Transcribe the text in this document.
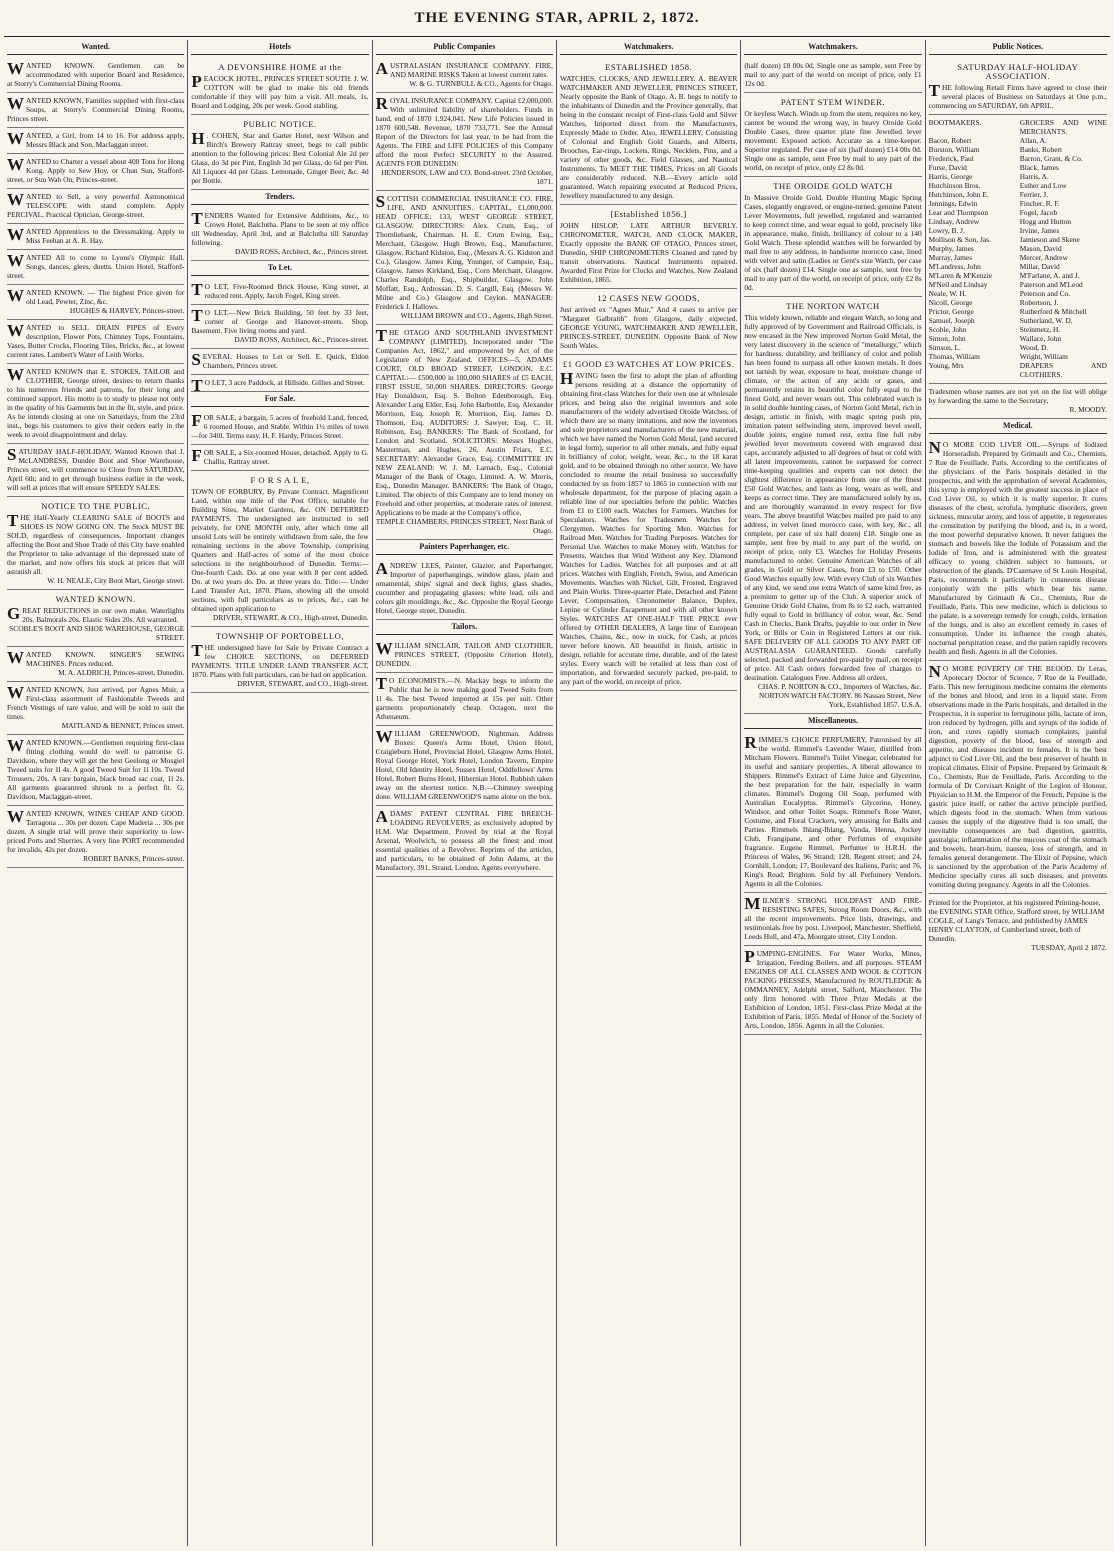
THE EVENING STAR, APRIL 2, 1872.
Wanted.

WANTED KNOWN. Gentlemen can be accommodated with superior Board and Residence, at Storry's Commercial Dining Rooms.

WANTED KNOWN, Families supplied with first-class Soups, at Storry's Commercial Dining Rooms, Princes street.

WANTED, a Girl, from 14 to 16. For address apply, Messrs Black and Son, Maclaggan street.

WANTED to Charter a vessel about 400 Tons for Hong Kong. Apply to Sew Hoy, or Chun Sun, Stafford-street, or Sun Wah On, Princes-street.

WANTED to Sell, a very powerful Astronomical TELESCOPE with stand complete. Apply PERCIVAL, Practical Optician, George-street.

WANTED Apprentices to the Dressmaking. Apply to Miss Feehan at A. R. Hay.

WANTED All to come to Lyons's Olympic Hall. Songs, dances, glees, duetts. Union Hotel, Stafford-street.

WANTED KNOWN. — The highest Price given for old Lead, Pewter, Zinc, &c.

HUGHES & HARVEY, Princes-street.

WANTED to SELL DRAIN PIPES of Every description, Flower Pots, Chimney Tops, Fountains, Vases, Butter Crocks, Flooring Tiles, Bricks, &c., at lowest current rates. Lambert's Water of Leith Works.

WANTED KNOWN that E. STOKES, TAILOR and CLOTHIER, George street, desires to return thanks to his numerous friends and patrons, for their long and continued support. His motto is to study to please not only in the quality of his Garments but in the fit, style, and price. As he intends closing at one on Saturdays, from the 23rd inst., begs his customers to give their orders early in the week to avoid disappointment and delay.

SATURDAY HALF-HOLIDAY, Wanted Known that J. McLANDRESS, Dundee Boot and Shoe Warehouse, Princes street, will commence to Close from SATURDAY, April 6th; and to get through business earlier in the week, will sell at prices that will ensure SPEEDY SALES.

NOTICE TO THE PUBLIC.

THE Half-Yearly CLEARING SALE of BOOTS and SHOES IS NOW GOING ON. The Stock MUST BE SOLD, regardless of consequences. Important changes affecting the Boot and Shoe Trade of this City have enabled the Proprietor to take advantage of the depressed state of the market, and now offers his stock at prices that will astonish all.

W. H. NEALE, City Boot Mart, George street.
WANTED KNOWN.

GREAT REDUCTIONS in our own make. Waterlights 20s. Balmorals 20s. Elastic Sides 20s. All warranted.

SCOBLE'S BOOT AND SHOE WAREHOUSE, GEORGE STREET.

WANTED KNOWN. SINGER'S SEWING MACHINES. Prices reduced.

M. A. ALDRICH, Princes-street, Dunedin.

WANTED KNOWN, Just arrived, per Agnes Muir, a First-class assortment of Fashionable Tweeds and French Vestings of rare value, and will be sold to suit the times.

MAITLAND & BENNET, Princes street.

WANTED KNOWN.—Gentlemen requiring first-class fitting clothing would do well to patronise G. Davidson, where they will get the best Geelong or Mosgiel Tweed suits for 1l 4s. A good Tweed Suit for 1l 10s. Tweed Trousers, 20s. A rare bargain, black broad sac coat, 1l 2s. All garments guaranteed shrunk to a perfect fit. G. Davidson, Maclaggan-street.

WANTED KNOWN, WINES CHEAP AND GOOD. Tarragona ... 30s per dozen. Cape Maderia ... 30s per dozen. A single trial will prove their superiority to low-priced Ports and Sherries. A very fine PORT recommended for invalids, 42s per dozen.

ROBERT BANKS, Princes-street.
Hotels
A DEVONSHIRE HOME at the

PEACOCK HOTEL, PRINCES STREET SOUTH. J. W. COTTON will be glad to make his old friends comfortable if they will pay him a visit. All meals, 1s. Board and Lodging, 20s per week. Good stabling.

PUBLIC NOTICE.

H . COHEN, Star and Garter Hotel, next Wilson and Birch's Brewery Rattray street, begs to call public attention to the following prices: Best Colonial Ale 2d per Glass, do 3d per Pint, English 3d per Glass, do 6d per Pint. All Liquors 4d per Glass. Lemonade, Ginger Beer, &c. 4d per Bottle.

Tenders.

TENDERS Wanted for Extensive Additions, &c., to Crown Hotel, Balclutha. Plans to be seen at my office till Wednesday, April 3rd, and at Balclutha till Saturday following.

DAVID ROSS, Architect, &c., Princes street.
To Let.

T O LET, Five-Roomed Brick House, King street, at reduced rent. Apply, Jacob Fogel, King street.

T O LET.—New Brick Building, 50 feet by 33 feet, corner of George and Hanover-streets. Shop. Basement. Five living rooms and yard.

DAVID ROSS, Architect, &c., Princes-street.

SEVERAL Houses to Let or Sell. E. Quick, Eldon Chambers, Princes street.

T O LET, 3 acre Paddock, at Hillside. Gillies and Street.

For Sale.

FOR SALE, a bargain, 5 acres of freehold Land, fenced, 6 roomed House, and Stable. Within 1½ miles of town—for 340l. Terms easy. H. F. Hardy, Princes Street.

FOR SALE, a Six-roomed House, detached. Apply to G. Challis, Rattray street.

F O R S A L E,

TOWN OF FORBURY, By Private Contract. Magnificent Land, within one mile of the Post Office, suitable for Building Sites, Market Gardens, &c. ON DEFERRED PAYMENTS. The undersigned are instructed to sell privately, for ONE MONTH only, after which time all unsold Lots will be entirely withdrawn from sale, the few remaining sections in the above Township, comprising Quarters and Half-acres of some of the most choice selections in the neighbourhood of Dunedin. Terms:— One-fourth Cash. Do. at one year with 8 per cent added. Do. at two years do. Do. at three years do. Title:— Under Land Transfer Act, 1870. Plans, showing all the unsold sections, with full particulars as to prices, &c., can be obtained upon application to

DRIVER, STEWART, & CO., High-street, Dunedin.
TOWNSHIP OF PORTOBELLO,

THE undersigned have for Sale by Private Contract a few CHOICE SECTIONS, on DEFERRED PAYMENTS. TITLE UNDER LAND TRANSFER ACT, 1870. Plans with full particulars, can be had on application.

DRIVER, STEWART, and CO., High-street.
Public Companies

AUSTRALASIAN INSURANCE COMPANY. FIRE, AND MARINE RISKS Taken at lowest current rates.

W. & G. TURNBULL & CO., Agents for Otago.

ROYAL INSURANCE COMPANY. Capital £2,000,000. With unlimited liability of shareholders. Funds in hand, end of 1870 1,924,041. New Life Policies issued in 1870 600,548. Revenue, 1870 733,771. See the Annual Report of the Directors for last year, to be had from the Agents. The FIRE and LIFE POLICIES of this Company afford the most Perfect SECURITY to the Assured. AGENTS FOR DUNEDIN:

HENDERSON, LAW and CO. Bond-street. 23rd October, 1871.

SCOTTISH COMMERCIAL INSURANCE CO. FIRE, LIFE, AND ANNUITIES. CAPITAL, £1,000,000. HEAD OFFICE: 133, WEST GEORGE STREET, GLASGOW. DIRECTORS: Alex. Crum, Esq., of Thornliebank, Chairman. H. E. Crum Ewing, Esq., Merchant, Glasgow. Hugh Brown, Esq., Manufacturer, Glasgow. Richard Kidston, Esq., (Messrs A. G. Kidston and Co.), Glasgow. James King, Younger, of Campsie, Esq., Glasgow. James Kirkland, Esq., Corn Merchant, Glasgow. Charles Randolph, Esq., Shipbuilder, Glasgow. John Moffatt, Esq., Ardrossan. D. S. Cargill, Esq. (Messrs W. Milne and Co.) Glasgow and Ceylon. MANAGER: Frederick J. Hallows.

WILLIAM BROWN and CO., Agents, High Street.

THE OTAGO AND SOUTHLAND INVESTMENT COMPANY (LIMITED). Incorporated under "The Companies Act, 1862," and empowered by Act of the Legislature of New Zealand. OFFICES—5, ADAMS COURT, OLD BROAD STREET, LONDON, E.C. CAPITAL:— £500,000 in 100,000 SHARES of £5 EACH, FIRST ISSUE, 50,000 SHARES. DIRECTORS: George Hay Donaldson, Esq. S. Bolton Edenborough, Esq. Alexander Lang Elder, Esq. John Harbottle, Esq. Alexander Morrison, Esq. Joseph R. Morrison, Esq. James D. Thomson, Esq. AUDITORS: J. Sawyer, Esq. C. H. Robinson, Esq. BANKERS: The Bank of Scotland, for London and Scotland. SOLICITORS: Messrs Hughes, Masterman, and Hughes, 26, Austin Friars, E.C. SECRETARY: Alexander Grace, Esq. COMMITTEE IN NEW ZEALAND: W. J. M. Larnach, Esq., Colonial Manager of the Bank of Otago, Limited. A. W. Morris, Esq., Dunedin Manager. BANKERS: The Bank of Otago, Limited. The objects of this Company are to lend money on Freehold and other properties, at moderate rates of interest. Applications to be made at the Company's office,

TEMPLE CHAMBERS, PRINCES STREET, Next Bank of Otago.
Painters Paperhanger, etc.

ANDREW LEES, Painter, Glazier, and Paperhanger, Importer of paperhangings, window glass, plain and ornamental, ships' signal and deck lights, glass shades, cucumber and propagating glasses; white lead, oils and colors gilt mouldings, &c., &c. Opposite the Royal George Hotel, George street, Dunedin.

Tailors.

WILLIAM SINCLAIR, TAILOR AND CLOTHIER, PRINCES STREET, (Opposite Criterion Hotel), DUNEDIN.

T O ECONOMISTS.—N. Mackay begs to inform the Public that he is now making good Tweed Suits from 1l 4s. The best Tweed imported at 15s per suit. Other garments proportionately cheap. Octagon, next the Athenæum.

WILLIAM GREENWOOD, Nightman. Address Boxes: Queen's Arms Hotel, Union Hotel, Craigieburn Hotel, Provincial Hotel, Glasgow Arms Hotel, Royal George Hotel, York Hotel, London Tavern, Empire Hotel, Old Identity Hotel, Sussex Hotel, Oddfellows' Arms Hotel, Robert Burns Hotel, Hibernian Hotel. Rubbish taken away on the shortest notice. N.B.—Chimney sweeping done. WILLIAM GREENWOOD'S name alone on the box.

ADAMS' PATENT CENTRAL FIRE BREECH-LOADING REVOLVERS, as exclusively adopted by H.M. War Department. Proved by trial at the Royal Arsenal, Woolwich, to possess all the finest and most essential qualities of a Revolver. Reprints of the articles, and particulars, to be obtained of John Adams, at the Manufactory, 391, Strand, London. Agents everywhere.

Watchmakers.
ESTABLISHED 1858.

WATCHES, CLOCKS, AND JEWELLERY. A. BEAVER WATCHMAKER AND JEWELLER, PRINCES STREET, Nearly opposite the Bank of Otago. A. B. begs to notify to the inhabitants of Dunedin and the Province generally, that being in the constant receipt of First-class Gold and Silver Watches, Imported direct from the Manufacturers, Expressly Made to Order. Also, JEWELLERY, Consisting of Colonial and English Gold Guards, and Alberts, Brooches, Ear-rings, Lockets, Rings, Necklets, Pins, and a variety of other goods, &c. Field Glasses, and Nautical Instruments. To MEET THE TIMES, Prices on all Goods are considerably reduced. N.B.—Every article sold guaranteed. Watch repairing executed at Reduced Prices, Jewellery manufactured to any design.

[Established 1856.]

JOHN HISLOP, LATE ARTHUR BEVERLY. CHRONOMETER, WATCH, AND CLOCK MAKER, Exactly opposite the BANK OF OTAGO, Princes street, Dunedin, SHIP CHRONOMETERS Cleaned and rated by transit observations. Nautical Instruments repaired. Awarded First Prize for Clocks and Watches, New Zealand Exhibition, 1865.

12 CASES NEW GOODS,

Just arrived ex "Agnes Muir," And 4 cases to arrive per "Margaret Galbraith" from Glasgow, daily expected. GEORGE YOUNG, WATCHMAKER AND JEWELLER, PRINCES-STREET, DUNEDIN. Opposite Bank of New South Wales.

£1 GOOD £3 WATCHES AT LOW PRICES.

HAVING been the first to adopt the plan of affording persons residing at a distance the opportunity of obtaining first-class Watches for their own use at wholesale prices, and being also the original inventors and sole manufacturers of the widely advertised Oroide Watches, of which there are so many imitations, and now the inventors and sole proprietors and manufacturers of the new material, which we have named the Norton Gold Metal, (and secured in legal form), superior to all other metals, and fully equal in brilliancy of color, weight, wear, &c., to the 18 karat gold, and to be obtained through no other source. We have concluded to resume the retail business so successfully conducted by us from 1857 to 1865 in connection with our wholesale department, for the purpose of placing again a reliable line of our specialties before the public. Watches from £1 to £100 each. Watches for Farmers. Watches for Speculators. Watches for Tradesmen. Watches for Clergymen. Watches for Sporting Men. Watches for Railroad Men. Watches for Trading Purposes. Watches for Personal Use. Watches to make Money with. Watches for Presents. Watches that Wind Without any Key. Diamond Watches for Ladies. Watches for all purposes and at all prices. Watches with English, French, Swiss, and American Movements. Watches with Nickel, Gilt, Frosted, Engraved and Plain Works. Three-quarter Plate, Detached and Patent Lever, Compensation, Chronometer Balance, Duplex, Lepine or Cylinder Escapement and with all other known Styles. WATCHES AT ONE-HALF THE PRICE ever offered by OTHER DEALERS, A large line of European Watches, Chains, &c., now in stock, for Cash, at prices never before known. All beautiful in finish, artistic in design, reliable for accurate time, durable, and of the latest styles. Every watch will be retailed at less than cost of importation, and forwarded securely packed, pre-paid, to any part of the world, on receipt of price.

Watchmakers.

(half dozen) £8 00s 0d. Single one as sample, sent Free by mail to any part of the world on receipt of price, only £1 12s 0d.

PATENT STEM WINDER.

Or keyless Watch. Winds up from the stem, requires no key, cannot be wound the wrong way, in heavy Oroide Gold Double Cases, three quarter plate fine Jewelled lever movement. Exposed action. Accurate as a time-keeper. Superior regulated. Per case of six (half dozen) £14 00s 0d. Single one as sample, sent Free by mail to any part of the world, on receipt of price, only £2 8s 0d.

THE OROIDE GOLD WATCH

In Massive Oroide Gold, Double Hunting Magic Spring Cases, elegantly engraved, or engine-turned, genuine Patent Lever Movements, full jewelled, regulated and warranted to keep correct time, and wear equal to gold, precisely like in appearance, make, finish, brilliancy of colour to a 140 Gold Watch. These splendid watches will be forwarded by mail free to any address, in handsome morocco case, lined with velvet and satin (Ladies or Gent's size Watch, per case of six (half dozen) £14. Single one as sample, sent free by mail to any part of the world, on receipt of price, only £2 8s 0d.

THE NORTON WATCH

This widely known, reliable and elegant Watch, so long and fully approved of by Government and Railroad Officials, is now encased in the New improved Norton Gold Metal, the very latest discovery in the science of "metallurgy," which for hardness, durability, and brilliancy of color and polish has been found to surpass all other known metals. It does not tarnish by wear, exposure to heat, moisture change of climate, or the action of any acids or gases, and permanently retains its beautiful color fully equal to the finest Gold, and never wears out. This celebrated watch is in solid double hunting cases, of Norton Gold Metal, rich in design, artistic in finish, with magic spring push pin, imitation patent selfwinding stem, improved bevel swell, double joints, engine turned rest, extra fine full ruby jewelled lever movements covered with engraved dust caps, accurately adjusted to all degrees of heat or cold with all latest improvements, cannot be surpassed for correct time-keeping qualities and experts can not detect the slightest difference in appearance from one of the finest £50 Gold Watches, and lasts as long, wears as well, and keeps as correct time. They are manufactured solely by us, and are thoroughly warranted in every respect for five years. The above beautiful Watches mailed pre paid to any address, in velvet lined morocco case, with key, &c., all complete, per case of six half dozen) £18. Single one as sample, sent free by mail to any part of the world, on receipt of price, only £3. Watches for Holiday Presents manufactured to order. Genuine American Watches of all grades, in Gold or Silver Cases, from £3 to £50. Other Good Watches equally low. With every Club of six Watches of any kind, we send one extra Watch of same kind free, as a premium to getter up of the Club. A superior stock of Genuine Oride Gold Chains, from 8s to £2 each, warranted fully equal to Gold in brilliancy of color, wear, &c. Send Cash in Checks, Bank Drafts, payable to our order in New York, or Bills or Coin in Registered Letters at our risk. SAFE DELIVERY OF ALL GOODS TO ANY PART OF AUSTRALASIA GUARANTEED. Goods carefully selected, packed and forwarded pre-paid by mail, on receipt of price. All Cash orders forwarded free of charges to destination. Catalogues Free. Address all orders,

CHAS. P. NORTON & CO., Importers of Watches, &c. NORTON WATCH FACTORY. 86 Nassau Street, New York, Established 1857. U.S.A.
Miscellaneous.

RIMMEL'S CHOICE PERFUMERY, Patronised by all the world. Rimmel's Lavender Water, distilled from Mitcham Flowers. Rimmel's Toilet Vinegar, celebrated for its useful and sanitary properties. A liberal allowance to Shippers. Rimmel's Extract of Lime Juice and Glycerine, the best preparation for the hair, especially in warm climates. Rimmel's Dugong Oil Soap, perfumed with Australian Eucalyptus. Rimmel's Glycerine, Honey, Windsor, and other Toilet Soaps. Rimmel's Rose Water, Costume, and Floral Crackers, very amusing for Balls and Parties. Rimmels Ihlang-Ihlang, Vanda, Henna, Jockey Club, Frangipane, and other Perfumes of exquisite fragrance. Eugene Rimmel, Perfumer to H.R.H. the Princess of Wales, 96 Strand; 128, Regent street; and 24, Cornhill, London; 17, Boulevard des Italiens, Paris; and 76, King's Road, Brighton. Sold by all Perfumery Vendors. Agents in all the Colonies.

MILNER'S STRONG HOLDFAST AND FIRE-RESISTING SAFES, Strong Room Doors, &c., with all the recent improvements. Price lists, drawings, and testimonials free by post. Liverpool, Manchester, Sheffield, Leeds Hull, and 47a, Moorgate street, City London.

PUMPING-ENGINES. For Water Works, Mines, Irrigation, Feeding Boilers, and all purposes. STEAM ENGINES OF ALL CLASSES AND WOOL & COTTON PACKING PRESSES, Manufactured by ROUTLEDGE & OMMANNEY, Adelphi street, Salford, Manchester. The only firm honored with Three Prize Medals at the Exhibition of London, 1851. First-class Prize Medal at the Exhibition of Paris, 1855. Medal of Honor of the Society of Arts, London, 1856. Agents in all the Colonies.

Public Notices.
SATURDAY HALF-HOLIDAY ASSOCIATION.

THE following Retail Firms have agreed to close their several places of Business on Saturdays at One p.m., commencing on SATURDAY, 6th APRIL.

BOOTMAKERS.	GROCERS AND WINE MERCHANTS.
Bacon, Robert	Allan, A.
Burston, William	Banks, Robert
Frederick, Paul	Barron, Grant, & Co.
Furse, David	Black, James
Harris, George	Harris, A.
Hutchinson Bros.	Esther and Low
Hutchinson, John E.	Ferrier, J.
Jennings, Edwin	Fincher, R. F.
Lear and Thompson	Fogel, Jacob
Lindsay, Andrew	Hogg and Hutton
Lowry, B. J.	Irvine, James
Mollison & Son, Jas.	Jamieson and Skene
Murphy, James	Mason, David
Murray, James	Mercer, Andrew
M'Landress, John	Millar, David
M'Laren & M'Kenzie	M'Farlane, A. and J.
M'Neil and Lindsay	Paterson and M'Leod
Neale, W. H.	Peterson and Co.
Nicoll, George	Robertson, J.
Prictor, George	Rutherford & Mitchell
Samuel, Joseph	Sutherland, W. D.
Scoble, John	Steinmetz, H.
Simon, John	Wallace, John
Simson, L.	Wood, D.
Thomas, William	Wright, William
Young, Mrs	DRAPERS AND CLOTHIERS.
Tradesmen whose names are not yet on the list will oblige by forwarding the same to the Secretary,
R. MOODY.
Medical.

N O MORE COD LIVER OIL.—Syrups of Iodized Horseradish. Prepared by Grimault and Co., Chemists, 7 Rue de Feuillade, Paris. According to the certificates of the physicians of the Paris hospitals detailed in the prospectus, and with the approbation of several Academies, this syrup is employed with the greatest success in place of Cod Liver Oil, to which it is really superior. It cures diseases of the chest, scrofula, lymphatic disorders, green sickness, muscular atony, and loss of appetite, it regenerates the constitution by purifying the blood, and is, in a word, the most powerful depurative known. It never fatigues the stomach and bowels like the Iodide of Potassium and the Iodide of Iron, and is administered with the greatest efficacy to young children subject to humours, or obstruction of the glands. D'Cazenave of St Louis Hospital, Paris, recommends it particularly in cutaneous disease conjointly with the pills which bear his name. Manufactured by Grimault & Co., Chemists, Rue de Feuillade, Paris. This new medicine, which is delicious to the palate, is a sovereign remedy for cough, colds, irritation of the lungs, and is also an excellent remedy in cases of consumption. Under its influence the cough abates, nocturnal perspiration cease, and the patien rapidly recovers health and flesh. Agents in all the Colonies.

N O MORE POVERTY OF THE BLOOD. Dr Leras, Apotecary Doctor of Science, 7 Rue de la Feuillade, Paris. This new ferruginous medicine contains the elements of the bones and blood, and iron in a liquid state. From observations made in the Paris hospitals, and detailed in the Prospectus, it is superior to ferruginous pills, lactate of iron, iron reduced by hydrogen, pills and syrups of the iodide of iron, and cures rapidly stomach complaints, painful digestion, poverty of the blood, loss of strength and appetite, and diseases incident to females. It is the best adjunct to Cod Liver Oil, and the best preserver of health in tropical climates. Elixir of Pepsine. Prepared by Grimault & Co., Chemists, Rue de Feuillade, Paris. According to the formula of Dr Corvisart Knight of the Legion of Honour, Physician to H.M. the Emperor of the French, Pepsine is the gastric juice itself, or rather the active principle purified, which digests food in the stomach. When from various causes the supply of the digestive fluid is too small, the inevitable consequences are bad digestion, gastritis, gastralgia; inflammation of the mucous coat of the stomach and bowels, heart-burn, nausea, loss of strength, and in females general derangement. The Elixir of Pepsine, which is sanctioned by the approbation of the Paris Academy of Medicine specially cures all such diseases, and prevents vomiting during pregnancy. Agents in all the Colonies.

Printed for the Proprietor, at his registered Printing-house, the EVENING STAR Office, Stafford street, by WILLIAM COGLE, of Lang's Terrace, and published by JAMES HENRY CLAYTON, of Cumberland street, both of Dunedin.
TUESDAY, April 2 1872.
